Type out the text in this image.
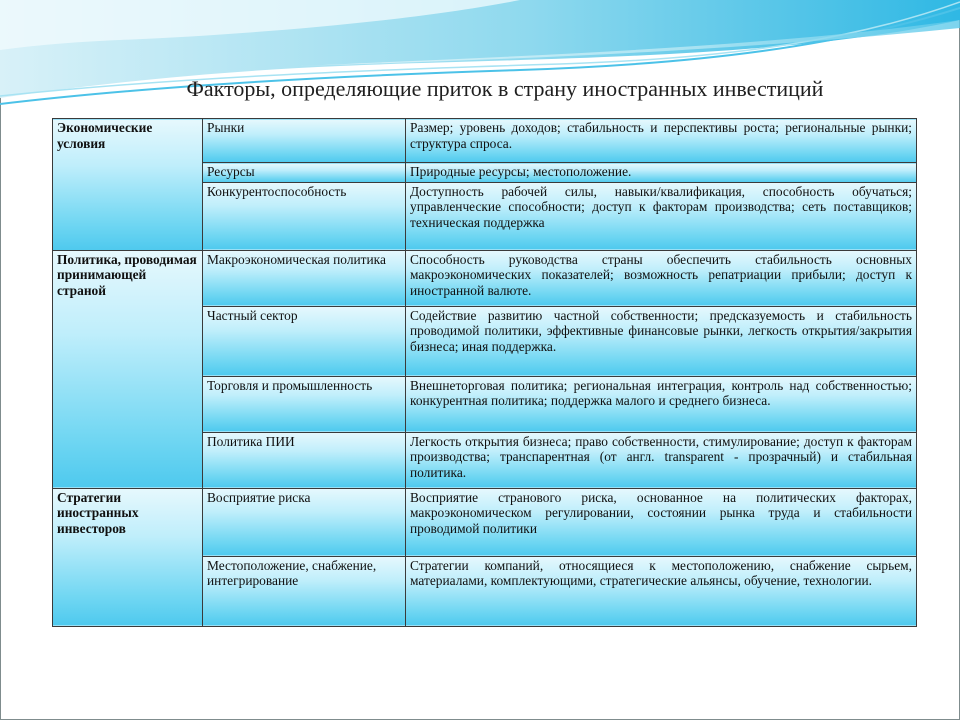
Факторы, определяющие приток в страну иностранных инвестиций
Экономические условия	Рынки	Размер; уровень доходов; стабильность и перспективы роста; региональные рынки; структура спроса.
	Ресурсы	Природные ресурсы; местоположение.
	Конкурентоспособность	Доступность рабочей силы, навыки/квалификация, способность обучаться; управленческие способности; доступ к факторам производства; сеть поставщиков; техническая поддержка
Политика, проводимая принимающей страной	Макроэкономическая политика	Способность руководства страны обеспечить стабильность основных макроэкономических показателей; возможность репатриации прибыли; доступ к иностранной валюте.
	Частный сектор	Содействие развитию частной собственности; предсказуемость и стабильность проводимой политики, эффективные финансовые рынки, легкость открытия/закрытия бизнеса; иная поддержка.
	Торговля и промышленность	Внешнеторговая политика; региональная интеграция, контроль над собственностью; конкурентная политика; поддержка малого и среднего бизнеса.
	Политика ПИИ	Легкость открытия бизнеса; право собственности, стимулирование; доступ к факторам производства; транспарентная (от англ. transparent - прозрачный) и стабильная политика.
Стратегии иностранных инвесторов	Восприятие риска	Восприятие странового риска, основанное на политических факторах, макроэкономическом регулировании, состоянии рынка труда и стабильности проводимой политики
	Местоположение, снабжение, интегрирование	Стратегии компаний, относящиеся к местоположению, снабжение сырьем, материалами, комплектующими, стратегические альянсы, обучение, технологии.
